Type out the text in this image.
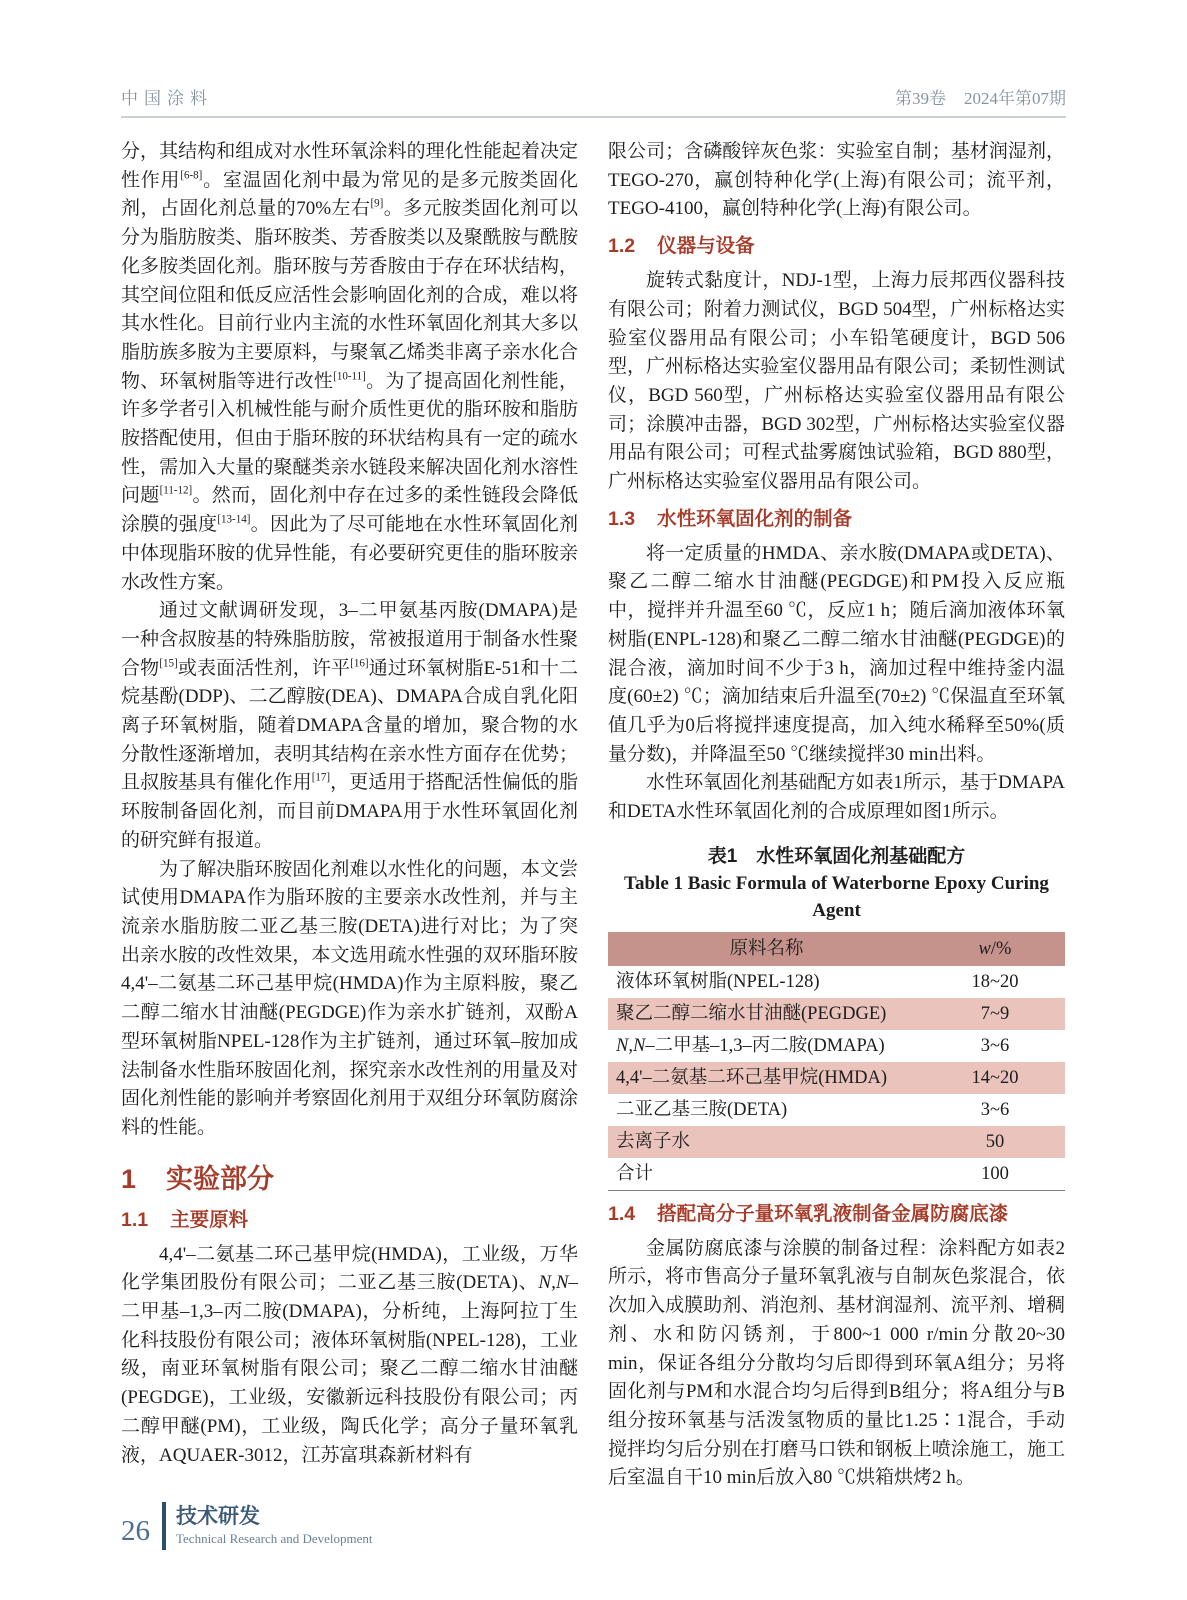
中国涂料	第39卷 2024年第07期

分，其结构和组成对水性环氧涂料的理化性能起着决定性作用[6-8]。室温固化剂中最为常见的是多元胺类固化剂，占固化剂总量的70%左右[9]。多元胺类固化剂可以分为脂肪胺类、脂环胺类、芳香胺类以及聚酰胺与酰胺化多胺类固化剂。脂环胺与芳香胺由于存在环状结构，其空间位阻和低反应活性会影响固化剂的合成，难以将其水性化。目前行业内主流的水性环氧固化剂其大多以脂肪族多胺为主要原料，与聚氧乙烯类非离子亲水化合物、环氧树脂等进行改性[10-11]。为了提高固化剂性能，许多学者引入机械性能与耐介质性更优的脂环胺和脂肪胺搭配使用，但由于脂环胺的环状结构具有一定的疏水性，需加入大量的聚醚类亲水链段来解决固化剂水溶性问题[11-12]。然而，固化剂中存在过多的柔性链段会降低涂膜的强度[13-14]。因此为了尽可能地在水性环氧固化剂中体现脂环胺的优异性能，有必要研究更佳的脂环胺亲水改性方案。

通过文献调研发现，3–二甲氨基丙胺(DMAPA)是一种含叔胺基的特殊脂肪胺，常被报道用于制备水性聚合物[15]或表面活性剂，许平[16]通过环氧树脂E-51和十二烷基酚(DDP)、二乙醇胺(DEA)、DMAPA合成自乳化阳离子环氧树脂，随着DMAPA含量的增加，聚合物的水分散性逐渐增加，表明其结构在亲水性方面存在优势；且叔胺基具有催化作用[17]，更适用于搭配活性偏低的脂环胺制备固化剂，而目前DMAPA用于水性环氧固化剂的研究鲜有报道。

为了解决脂环胺固化剂难以水性化的问题，本文尝试使用DMAPA作为脂环胺的主要亲水改性剂，并与主流亲水脂肪胺二亚乙基三胺(DETA)进行对比；为了突出亲水胺的改性效果，本文选用疏水性强的双环脂环胺4,4'–二氨基二环己基甲烷(HMDA)作为主原料胺，聚乙二醇二缩水甘油醚(PEGDGE)作为亲水扩链剂，双酚A型环氧树脂NPEL-128作为主扩链剂，通过环氧–胺加成法制备水性脂环胺固化剂，探究亲水改性剂的用量及对固化剂性能的影响并考察固化剂用于双组分环氧防腐涂料的性能。

1 实验部分
1.1 主要原料

4,4'–二氨基二环己基甲烷(HMDA)，工业级，万华化学集团股份有限公司；二亚乙基三胺(DETA)、N,N–二甲基–1,3–丙二胺(DMAPA)，分析纯，上海阿拉丁生化科技股份有限公司；液体环氧树脂(NPEL-128)，工业级，南亚环氧树脂有限公司；聚乙二醇二缩水甘油醚(PEGDGE)，工业级，安徽新远科技股份有限公司；丙二醇甲醚(PM)，工业级，陶氏化学；高分子量环氧乳液，AQUAER-3012，江苏富琪森新材料有

限公司；含磷酸锌灰色浆：实验室自制；基材润湿剂，TEGO-270，赢创特种化学(上海)有限公司；流平剂，TEGO-4100，赢创特种化学(上海)有限公司。

1.2 仪器与设备

旋转式黏度计，NDJ-1型，上海力辰邦西仪器科技有限公司；附着力测试仪，BGD 504型，广州标格达实验室仪器用品有限公司；小车铅笔硬度计，BGD 506型，广州标格达实验室仪器用品有限公司；柔韧性测试仪，BGD 560型，广州标格达实验室仪器用品有限公司；涂膜冲击器，BGD 302型，广州标格达实验室仪器用品有限公司；可程式盐雾腐蚀试验箱，BGD 880型，广州标格达实验室仪器用品有限公司。

1.3 水性环氧固化剂的制备

将一定质量的HMDA、亲水胺(DMAPA或DETA)、聚乙二醇二缩水甘油醚(PEGDGE)和PM投入反应瓶中，搅拌并升温至60 ℃，反应1 h；随后滴加液体环氧树脂(ENPL-128)和聚乙二醇二缩水甘油醚(PEGDGE)的混合液，滴加时间不少于3 h，滴加过程中维持釜内温度(60±2) ℃；滴加结束后升温至(70±2) ℃保温直至环氧值几乎为0后将搅拌速度提高，加入纯水稀释至50%(质量分数)，并降温至50 ℃继续搅拌30 min出料。

水性环氧固化剂基础配方如表1所示，基于DMAPA和DETA水性环氧固化剂的合成原理如图1所示。

表1　水性环氧固化剂基础配方
Table 1 Basic Formula of Waterborne Epoxy Curing Agent
原料名称	w/%
液体环氧树脂(NPEL-128)	18~20
聚乙二醇二缩水甘油醚(PEGDGE)	7~9
N,N–二甲基–1,3–丙二胺(DMAPA)	3~6
4,4'–二氨基二环己基甲烷(HMDA)	14~20
二亚乙基三胺(DETA)	3~6
去离子水	50
合计	100
1.4 搭配高分子量环氧乳液制备金属防腐底漆

金属防腐底漆与涂膜的制备过程：涂料配方如表2所示，将市售高分子量环氧乳液与自制灰色浆混合，依次加入成膜助剂、消泡剂、基材润湿剂、流平剂、增稠剂、水和防闪锈剂，于800~1 000 r/min分散20~30 min，保证各组分分散均匀后即得到环氧A组分；另将固化剂与PM和水混合均匀后得到B组分；将A组分与B组分按环氧基与活泼氢物质的量比1.25∶1混合，手动搅拌均匀后分别在打磨马口铁和钢板上喷涂施工，施工后室温自干10 min后放入80 ℃烘箱烘烤2 h。

26 技术研发
Technical Research and Development
